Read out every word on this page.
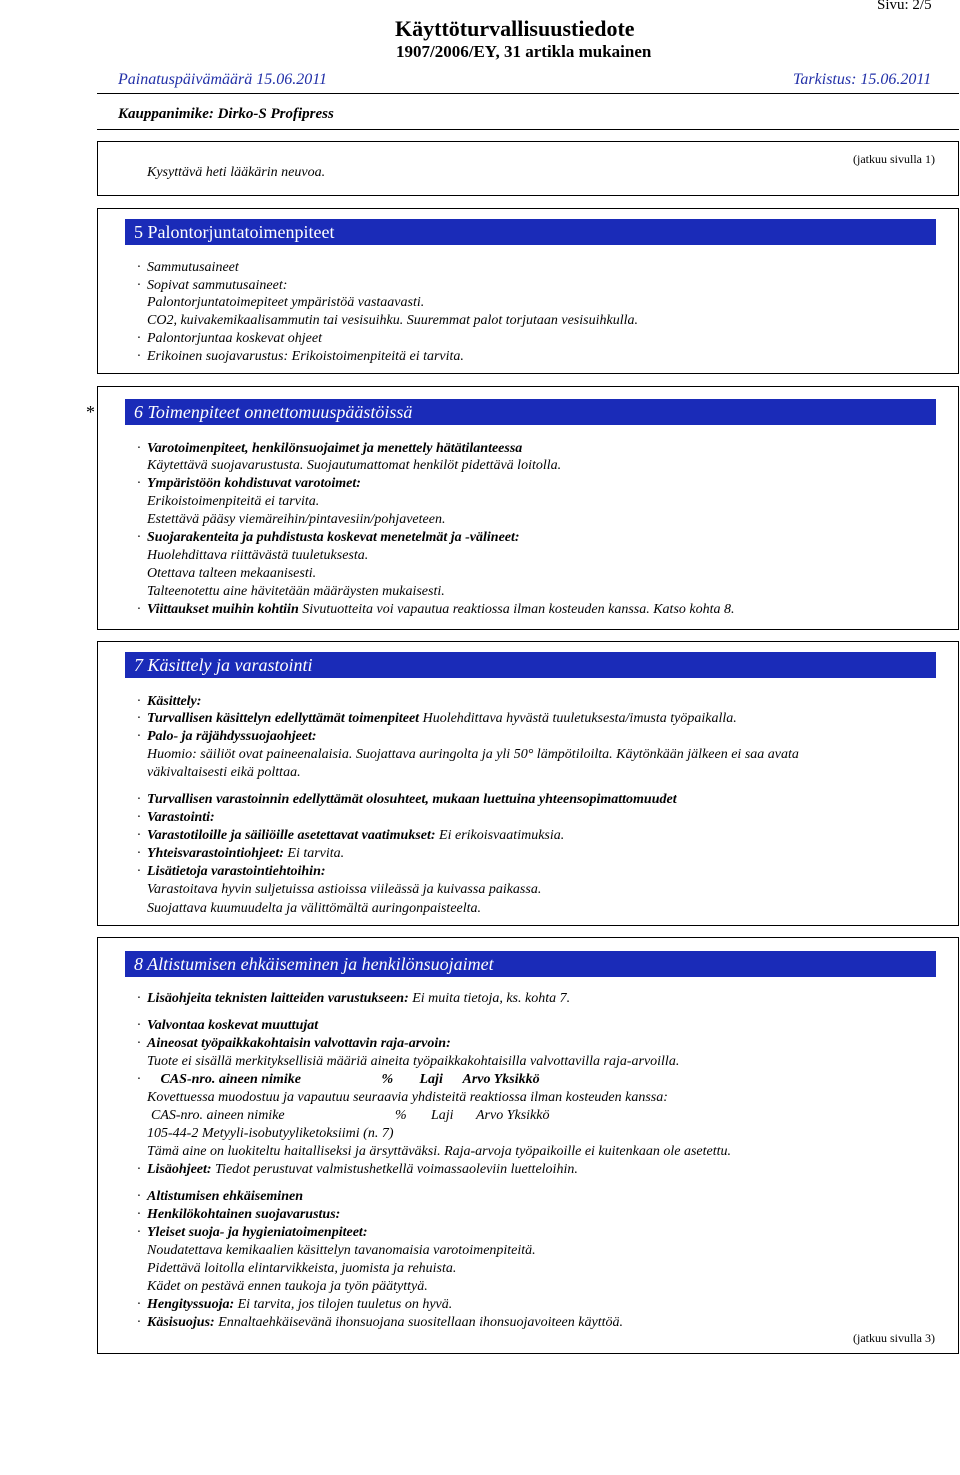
Sivu: 2/5
Käyttöturvallisuustiedote
1907/2006/EY, 31 artikla mukainen
Painatuspäivämäärä 15.06.2011	Tarkistus: 15.06.2011
Kauppanimike: Dirko-S Profipress
Kysyttävä heti lääkärin neuvoa.
(jatkuu sivulla 1)
5 Palontorjuntatoimenpiteet
· Sammutusaineet
· Sopivat sammutusaineet:
Palontorjuntatoimepiteet ympäristöä vastaavasti.
CO2, kuivakemikaalisammutin tai vesisuihku. Suuremmat palot torjutaan vesisuihkulla.
· Palontorjuntaa koskevat ohjeet
· Erikoinen suojavarustus: Erikoistoimenpiteitä ei tarvita.
*	6 Toimenpiteet onnettomuuspäästöissä
· Varotoimenpiteet, henkilönsuojaimet ja menettely hätätilanteessa
Käytettävä suojavarustusta. Suojautumattomat henkilöt pidettävä loitolla.
· Ympäristöön kohdistuvat varotoimet:
Erikoistoimenpiteitä ei tarvita.
Estettävä pääsy viemäreihin/pintavesiin/pohjaveteen.
· Suojarakenteita ja puhdistusta koskevat menetelmät ja -välineet:
Huolehdittava riittävästä tuuletuksesta.
Otettava talteen mekaanisesti.
Talteenotettu aine hävitetään määräysten mukaisesti.
· Viittaukset muihin kohtiin Sivutuotteita voi vapautua reaktiossa ilman kosteuden kanssa. Katso kohta 8.
7 Käsittely ja varastointi
· Käsittely:
· Turvallisen käsittelyn edellyttämät toimenpiteet Huolehdittava hyvästä tuuletuksesta/imusta työpaikalla.
· Palo- ja räjähdyssuojaohjeet:
Huomio: säiliöt ovat paineenalaisia. Suojattava auringolta ja yli 50° lämpötiloilta. Käytönkään jälkeen ei saa avata
väkivaltaisesti eikä polttaa.
· Turvallisen varastoinnin edellyttämät olosuhteet, mukaan luettuina yhteensopimattomuudet
· Varastointi:
· Varastotiloille ja säiliöille asetettavat vaatimukset: Ei erikoisvaatimuksia.
· Yhteisvarastointiohjeet: Ei tarvita.
· Lisätietoja varastointiehtoihin:
Varastoitava hyvin suljetuissa astioissa viileässä ja kuivassa paikassa.
Suojattava kuumuudelta ja välittömältä auringonpaisteelta.
8 Altistumisen ehkäiseminen ja henkilönsuojaimet
· Lisäohjeita teknisten laitteiden varustukseen: Ei muita tietoja, ks. kohta 7.
· Valvontaa koskevat muuttujat
· Aineosat työpaikkakohtaisin valvottavin raja-arvoin:
Tuote ei sisällä merkityksellisiä määriä aineita työpaikkakohtaisilla valvottavilla raja-arvoilla.
· CAS-nro. aineen nimike	% Laji Arvo Yksikkö
Kovettuessa muodostuu ja vapautuu seuraavia yhdisteitä reaktiossa ilman kosteuden kanssa:
CAS-nro. aineen nimike	% Laji Arvo Yksikkö
105-44-2 Metyyli-isobutyyliketoksiimi (n. 7)
Tämä aine on luokiteltu haitalliseksi ja ärsyttäväksi. Raja-arvoja työpaikoille ei kuitenkaan ole asetettu.
· Lisäohjeet: Tiedot perustuvat valmistushetkellä voimassaoleviin luetteloihin.
· Altistumisen ehkäiseminen
· Henkilökohtainen suojavarustus:
· Yleiset suoja- ja hygieniatoimenpiteet:
Noudatettava kemikaalien käsittelyn tavanomaisia varotoimenpiteitä.
Pidettävä loitolla elintarvikkeista, juomista ja rehuista.
Kädet on pestävä ennen taukoja ja työn päätyttyä.
· Hengityssuoja: Ei tarvita, jos tilojen tuuletus on hyvä.
· Käsisuojus: Ennaltaehkäisevänä ihonsuojana suositellaan ihonsuojavoiteen käyttöä.
(jatkuu sivulla 3)
